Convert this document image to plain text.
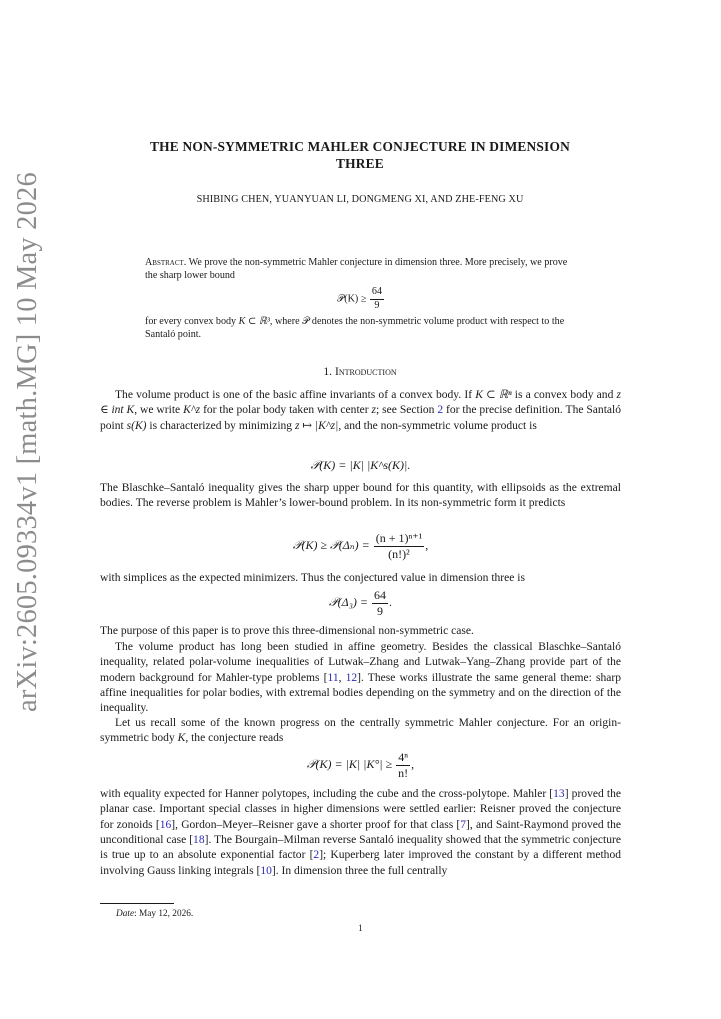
arXiv:2605.09334v1 [math.MG] 10 May 2026
THE NON-SYMMETRIC MAHLER CONJECTURE IN DIMENSION
THREE
SHIBING CHEN, YUANYUAN LI, DONGMENG XI, AND ZHE-FENG XU
Abstract. We prove the non-symmetric Mahler conjecture in dimension three. More precisely, we prove the sharp lower bound
𝒫(K) ≥ $\frac{64}{9}$
for every convex body K ⊂ ℝ³, where 𝒫 denotes the non-symmetric volume product with respect to the Santaló point.
1. Introduction

The volume product is one of the basic affine invariants of a convex body. If K ⊂ ℝⁿ is a convex body and z ∈ int K, we write K^z for the polar body taken with center z; see Section 2 for the precise definition. The Santaló point s(K) is characterized by minimizing z ↦ |K^z|, and the non-symmetric volume product is

𝒫(K) = |K| |K^s(K)|.

The Blaschke–Santaló inequality gives the sharp upper bound for this quantity, with ellipsoids as the extremal bodies. The reverse problem is Mahler’s lower-bound problem. In its non-symmetric form it predicts

𝒫(K) ≥ 𝒫(Δₙ) = $\frac{\text{(n + 1)ⁿ⁺¹}}{\text{(n!)²}}$ ,

with simplices as the expected minimizers. Thus the conjectured value in dimension three is

𝒫(Δ₃) = $\frac{64}{9}$ .

The purpose of this paper is to prove this three-dimensional non-symmetric case.

The volume product has long been studied in affine geometry. Besides the classical Blaschke–Santaló inequality, related polar-volume inequalities of Lutwak–Zhang and Lutwak–Yang–Zhang provide part of the modern background for Mahler-type problems [11, 12]. These works illustrate the same general theme: sharp affine inequalities for polar bodies, with extremal bodies depending on the symmetry and on the direction of the inequality.

Let us recall some of the known progress on the centrally symmetric Mahler conjecture. For an origin-symmetric body K, the conjecture reads

𝒫(K) = |K| $|K^\circ| \ge \frac{\text{4ⁿ}}{n!}$ ,

with equality expected for Hanner polytopes, including the cube and the cross-polytope. Mahler [13] proved the planar case. Important special classes in higher dimensions were settled earlier: Reisner proved the conjecture for zonoids [16], Gordon–Meyer–Reisner gave a shorter proof for that class [7], and Saint-Raymond proved the unconditional case [18]. The Bourgain–Milman reverse Santaló inequality showed that the symmetric conjecture is true up to an absolute exponential factor [2]; Kuperberg later improved the constant by a different method involving Gauss linking integrals [10]. In dimension three the full centrally

Date: May 12, 2026.
1
